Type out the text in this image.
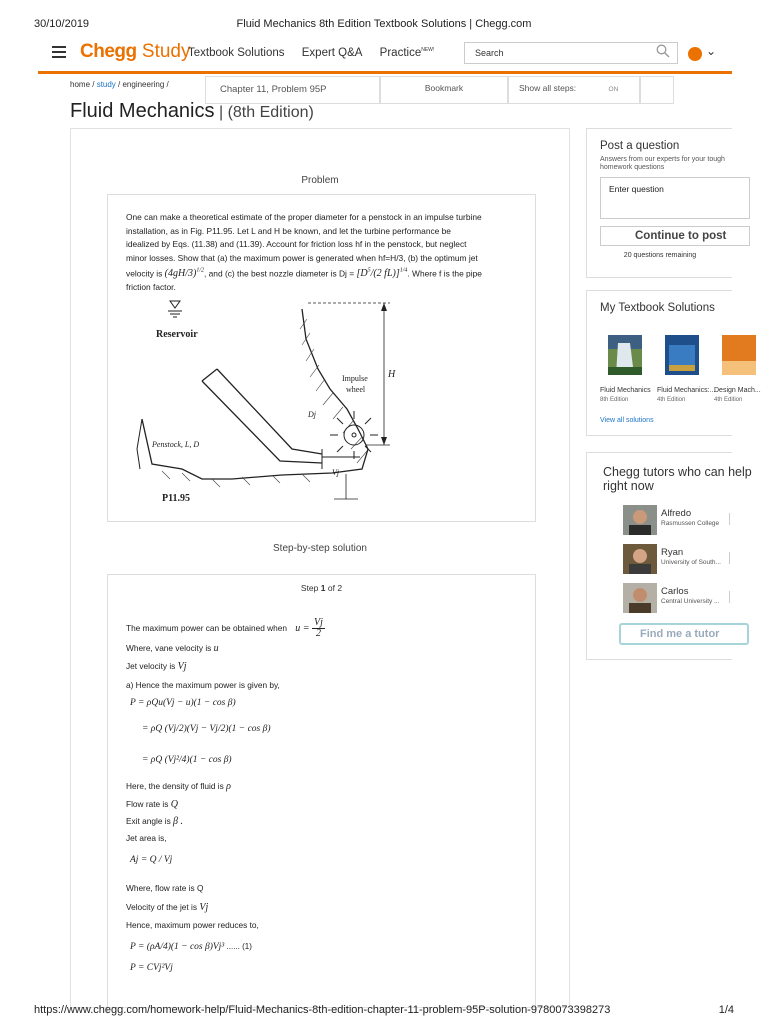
30/10/2019	Fluid Mechanics 8th Edition Textbook Solutions | Chegg.com
Chegg Study
Textbook Solutions Expert Q&A Practice$^{NEW!}$	Search	⌄
home / study / engineering /	Chapter 11, Problem 95P	Bookmark	Show all steps:	ON
Fluid Mechanics | (8th Edition)
Problem
One can make a theoretical estimate of the proper diameter for a penstock in an impulse turbine
installation, as in Fig. P11.95. Let L and H be known, and let the turbine performance be
idealized by Eqs. (11.38) and (11.39). Account for friction loss hf in the penstock, but neglect
minor losses. Show that (a) the maximum power is generated when hf=H/3, (b) the optimum jet
velocity is $(4gH/3)^{1/2}$, and (c) the best nozzle diameter is $Dj = [D^5/(2$ fL)]$^{1/4}$. Where f is the pipe
friction factor.
Reservoir
Penstock, L, D
Dj
Vj
Impulse
wheel
H
P11.95
Step-by-step solution
Step 1 of 2
The maximum power can be obtained when $u = \frac{Vj}{2}$
Where, vane velocity is u
Jet velocity is Vj
a) Hence the maximum power is given by,
P = ρQu(Vj − u)(1 − cos β)
= ρQ (Vj/2)(Vj − Vj/2)(1 − cos β)
= ρQ (Vj²/4)(1 − cos β)
Here, the density of fluid is ρ
Flow rate is Q
Exit angle is β .
Jet area is,
Aj = Q / Vj
Where, flow rate is Q
Velocity of the jet is Vj
Hence, maximum power reduces to,
P = (ρA/4)(1 − cos β)Vj³ ...... (1)
P = CVj²Vj
Post a question
Answers from our experts for your tough homework questions
Enter question
Continue to post
20 questions remaining
My Textbook Solutions
Fluid Mechanics
8th Edition
Fluid Mechanics:...
4th Edition
Design Mach...
4th Edition
View all solutions
Chegg tutors who can help right now
Alfredo
Rasmussen College
Ryan
University of South...
Carlos
Central University ...
Find me a tutor
https://www.chegg.com/homework-help/Fluid-Mechanics-8th-edition-chapter-11-problem-95P-solution-9780073398273	1/4
